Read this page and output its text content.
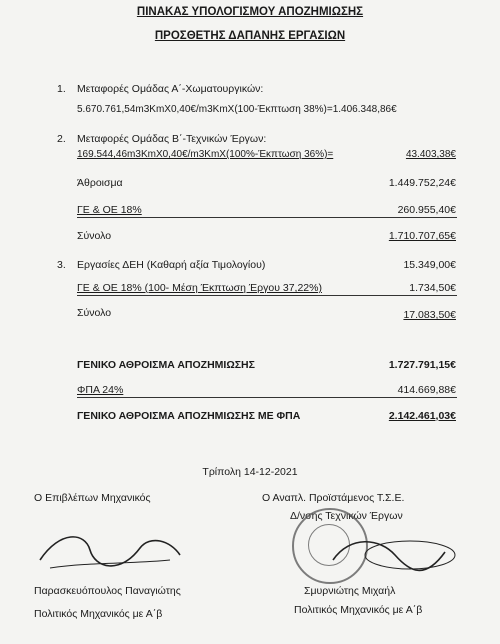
ΠΙΝΑΚΑΣ ΥΠΟΛΟΓΙΣΜΟΥ ΑΠΟΖΗΜΙΩΣΗΣ
ΠΡΟΣΘΕΤΗΣ ΔΑΠΑΝΗΣ ΕΡΓΑΣΙΩΝ
1. Μεταφορές Ομάδας Α΄-Χωματουργικών:
5.670.761,54m3KmX0,40€/m3KmX(100-Έκπτωση 38%)=1.406.348,86€
2. Μεταφορές Ομάδας Β΄-Τεχνικών Έργων:
169.544,46m3KmX0,40€/m3KmX(100%-Έκπτωση 36%)=	43.403,38€
Άθροισμα	1.449.752,24€
ΓΕ & ΟΕ 18%	260.955,40€
Σύνολο	1.710.707,65€
3. Εργασίες ΔΕΗ (Καθαρή αξία Τιμολογίου)	15.349,00€
ΓΕ & ΟΕ 18% (100- Μέση Έκπτωση Έργου 37,22%)	1.734,50€
Σύνολο	17.083,50€
ΓΕΝΙΚΟ ΑΘΡΟΙΣΜΑ ΑΠΟΖΗΜΙΩΣΗΣ	1.727.791,15€
ΦΠΑ 24%	414.669,88€
ΓΕΝΙΚΟ ΑΘΡΟΙΣΜΑ ΑΠΟΖΗΜΙΩΣΗΣ ΜΕ ΦΠΑ	2.142.461,03€
Τρίπολη 14-12-2021
Ο Επιβλέπων Μηχανικός
Παρασκευόπουλος Παναγιώτης
Πολιτικός Μηχανικός με Α΄β
Ο Αναπλ. Προϊστάμενος Τ.Σ.Ε.
Δ/νσης Τεχνικών Έργων
Σμυρνιώτης Μιχαήλ
Πολιτικός Μηχανικός με Α΄β
